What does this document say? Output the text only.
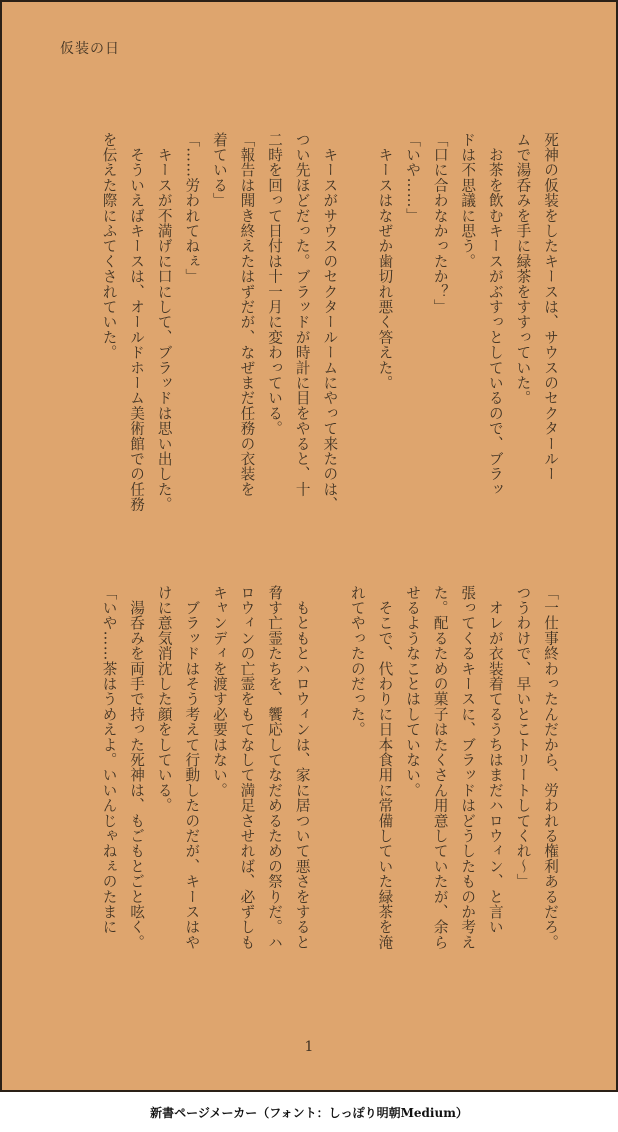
仮装の日

死神の仮装をしたキースは、サウスのセクタールー

ムで湯呑みを手に緑茶をすすっていた。

　お茶を飲むキースがぶすっとしているので、ブラッ

ドは不思議に思う。

「口に合わなかったか？」

「いや……」

　キースはなぜか歯切れ悪く答えた。

　キースがサウスのセクタールームにやって来たのは、

つい先ほどだった。ブラッドが時計に目をやると、十

二時を回って日付は十一月に変わっている。

「報告は聞き終えたはずだが、なぜまだ任務の衣装を

着ている」

「……労われてねぇ」

　キースが不満げに口にして、ブラッドは思い出した。

　そういえばキースは、オールドホーム美術館での任務

を伝えた際にふてくされていた。

「一仕事終わったんだから、労われる権利あるだろ。

つうわけで、早いとこトリートしてくれ～」

　オレが衣装着てるうちはまだハロウィン、と言い

張ってくるキースに、ブラッドはどうしたものか考え

た。配るための菓子はたくさん用意していたが、余ら

せるようなことはしていない。

　そこで、代わりに日本食用に常備していた緑茶を淹

れてやったのだった。

　もともとハロウィンは、家に居ついて悪さをすると

脅す亡霊たちを、饗応してなだめるための祭りだ。ハ

ロウィンの亡霊をもてなして満足させれば、必ずしも

キャンディを渡す必要はない。

　ブラッドはそう考えて行動したのだが、キースはや

けに意気消沈した顔をしている。

　湯呑みを両手で持った死神は、もごもとごと呟く。

「いや……茶はうめえよ。いいんじゃねぇのたまに

1
新書ページメーカー（フォント：しっぽり明朝Medium）
